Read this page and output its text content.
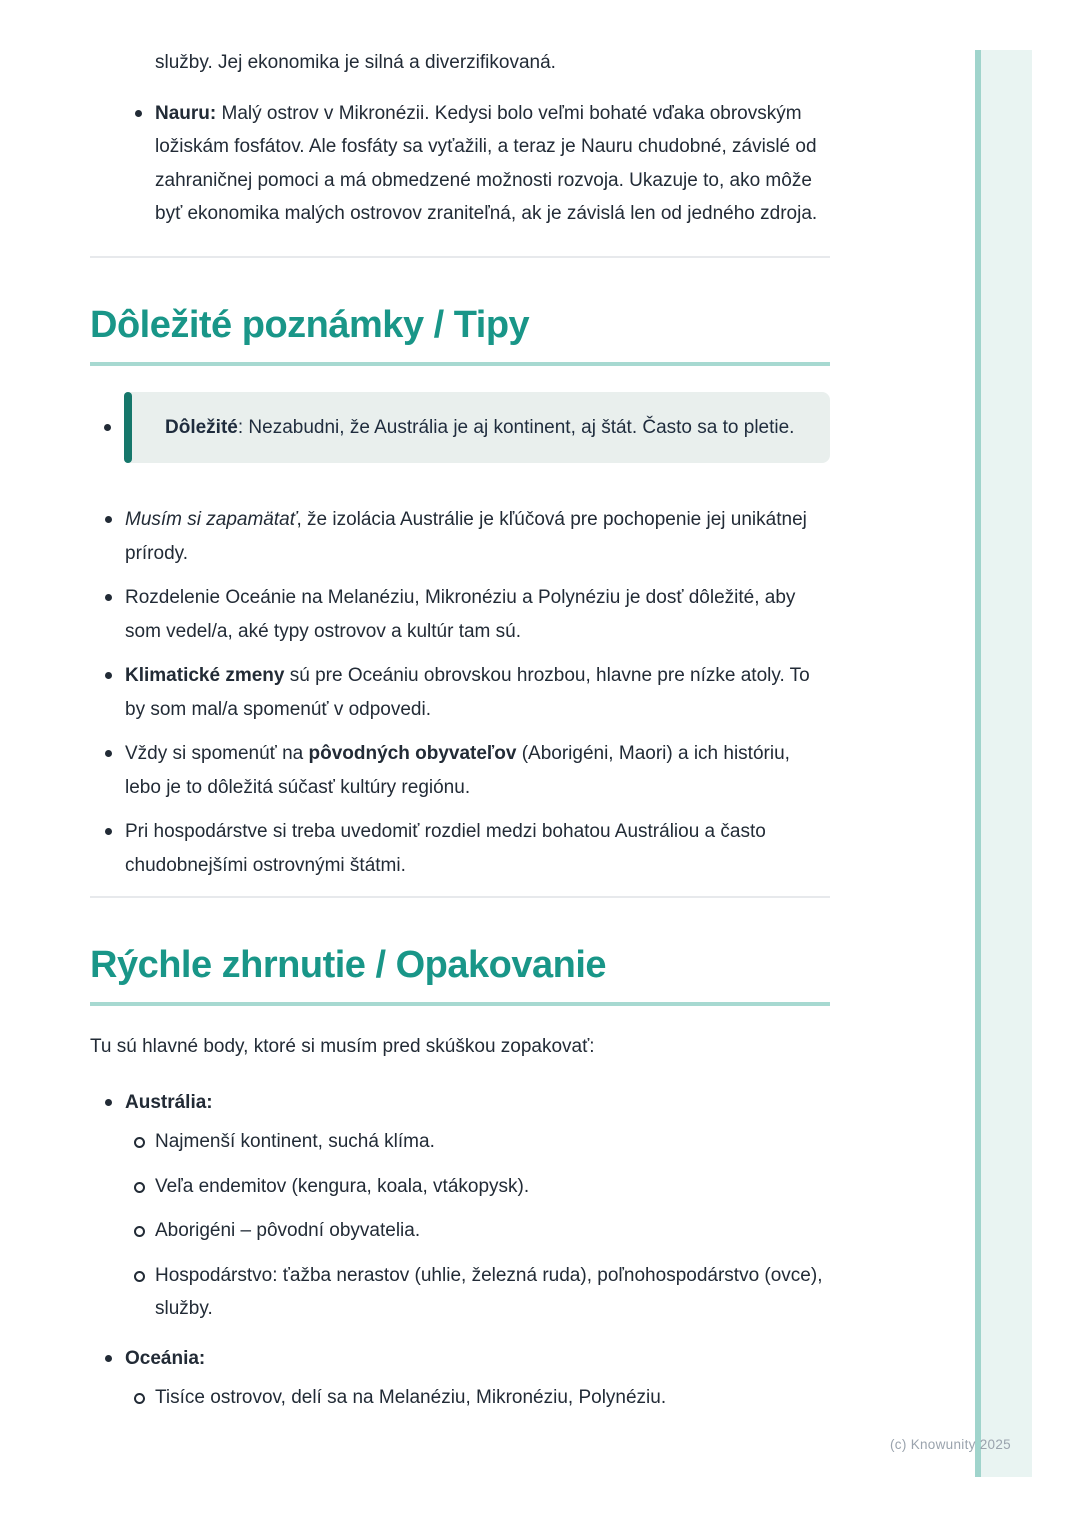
(c) Knowunity 2025

služby. Jej ekonomika je silná a diverzifikovaná.

Nauru: Malý ostrov v Mikronézii. Kedysi bolo veľmi bohaté vďaka obrovským ložiskám fosfátov. Ale fosfáty sa vyťažili, a teraz je Nauru chudobné, závislé od zahraničnej pomoci a má obmedzené možnosti rozvoja. Ukazuje to, ako môže byť ekonomika malých ostrovov zraniteľná, ak je závislá len od jedného zdroja.
Dôležité poznámky / Tipy
Dôležité: Nezabudni, že Austrália je aj kontinent, aj štát. Často sa to pletie.
Musím si zapamätať, že izolácia Austrálie je kľúčová pre pochopenie jej unikátnej prírody.
Rozdelenie Oceánie na Melanéziu, Mikronéziu a Polynéziu je dosť dôležité, aby som vedel/a, aké typy ostrovov a kultúr tam sú.
Klimatické zmeny sú pre Oceániu obrovskou hrozbou, hlavne pre nízke atoly. To by som mal/a spomenúť v odpovedi.
Vždy si spomenúť na pôvodných obyvateľov (Aborigéni, Maori) a ich históriu, lebo je to dôležitá súčasť kultúry regiónu.
Pri hospodárstve si treba uvedomiť rozdiel medzi bohatou Austráliou a často chudobnejšími ostrovnými štátmi.
Rýchle zhrnutie / Opakovanie

Tu sú hlavné body, ktoré si musím pred skúškou zopakovať:

Austrália:
Najmenší kontinent, suchá klíma.
Veľa endemitov (kengura, koala, vtákopysk).
Aborigéni – pôvodní obyvatelia.
Hospodárstvo: ťažba nerastov (uhlie, železná ruda), poľnohospodárstvo (ovce), služby.
Oceánia:
Tisíce ostrovov, delí sa na Melanéziu, Mikronéziu, Polynéziu.
